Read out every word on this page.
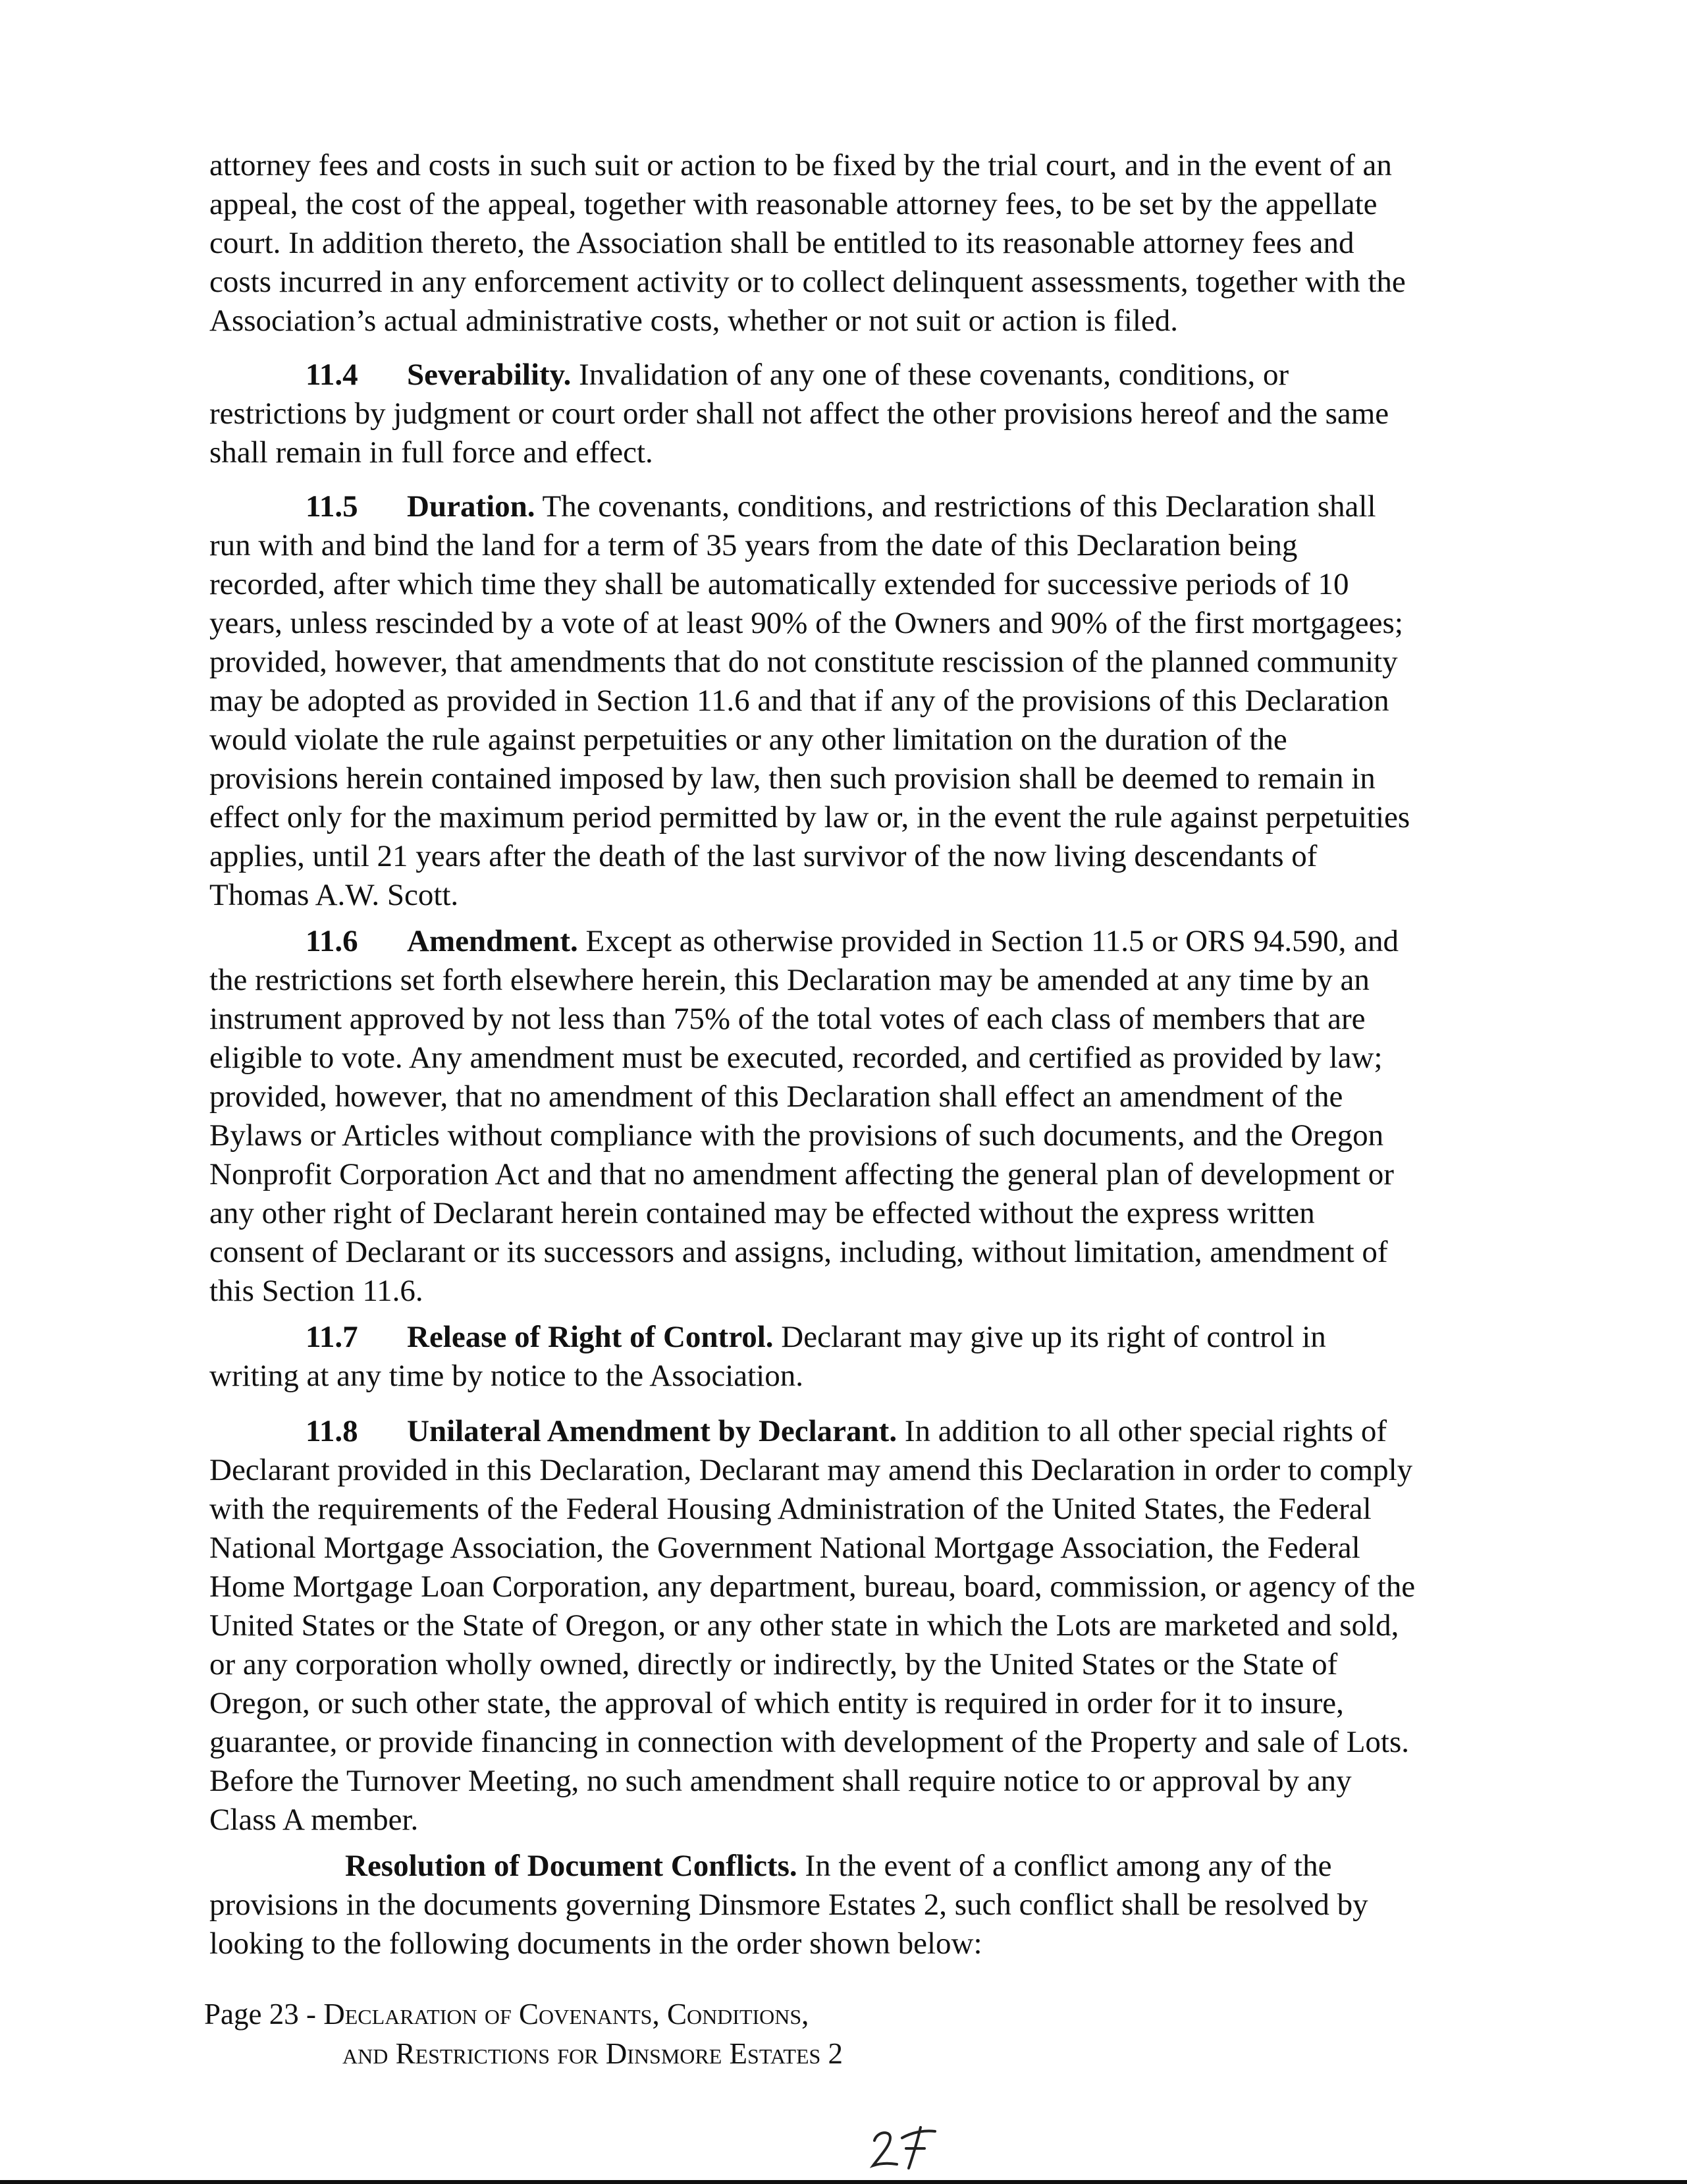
attorney fees and costs in such suit or action to be fixed by the trial court, and in the event of an
appeal, the cost of the appeal, together with reasonable attorney fees, to be set by the appellate
court. In addition thereto, the Association shall be entitled to its reasonable attorney fees and
costs incurred in any enforcement activity or to collect delinquent assessments, together with the
Association’s actual administrative costs, whether or not suit or action is filed.
11.4 Severability. Invalidation of any one of these covenants, conditions, or
restrictions by judgment or court order shall not affect the other provisions hereof and the same
shall remain in full force and effect.
11.5 Duration. The covenants, conditions, and restrictions of this Declaration shall
run with and bind the land for a term of 35 years from the date of this Declaration being
recorded, after which time they shall be automatically extended for successive periods of 10
years, unless rescinded by a vote of at least 90% of the Owners and 90% of the first mortgagees;
provided, however, that amendments that do not constitute rescission of the planned community
may be adopted as provided in Section 11.6 and that if any of the provisions of this Declaration
would violate the rule against perpetuities or any other limitation on the duration of the
provisions herein contained imposed by law, then such provision shall be deemed to remain in
effect only for the maximum period permitted by law or, in the event the rule against perpetuities
applies, until 21 years after the death of the last survivor of the now living descendants of
Thomas A.W. Scott.
11.6 Amendment. Except as otherwise provided in Section 11.5 or ORS 94.590, and
the restrictions set forth elsewhere herein, this Declaration may be amended at any time by an
instrument approved by not less than 75% of the total votes of each class of members that are
eligible to vote. Any amendment must be executed, recorded, and certified as provided by law;
provided, however, that no amendment of this Declaration shall effect an amendment of the
Bylaws or Articles without compliance with the provisions of such documents, and the Oregon
Nonprofit Corporation Act and that no amendment affecting the general plan of development or
any other right of Declarant herein contained may be effected without the express written
consent of Declarant or its successors and assigns, including, without limitation, amendment of
this Section 11.6.
11.7 Release of Right of Control. Declarant may give up its right of control in
writing at any time by notice to the Association.
11.8 Unilateral Amendment by Declarant. In addition to all other special rights of
Declarant provided in this Declaration, Declarant may amend this Declaration in order to comply
with the requirements of the Federal Housing Administration of the United States, the Federal
National Mortgage Association, the Government National Mortgage Association, the Federal
Home Mortgage Loan Corporation, any department, bureau, board, commission, or agency of the
United States or the State of Oregon, or any other state in which the Lots are marketed and sold,
or any corporation wholly owned, directly or indirectly, by the United States or the State of
Oregon, or such other state, the approval of which entity is required in order for it to insure,
guarantee, or provide financing in connection with development of the Property and sale of Lots.
Before the Turnover Meeting, no such amendment shall require notice to or approval by any
Class A member.
Resolution of Document Conflicts. In the event of a conflict among any of the
provisions in the documents governing Dinsmore Estates 2, such conflict shall be resolved by
looking to the following documents in the order shown below:
Page 23 - Declaration of Covenants, Conditions,
and Restrictions for Dinsmore Estates 2
